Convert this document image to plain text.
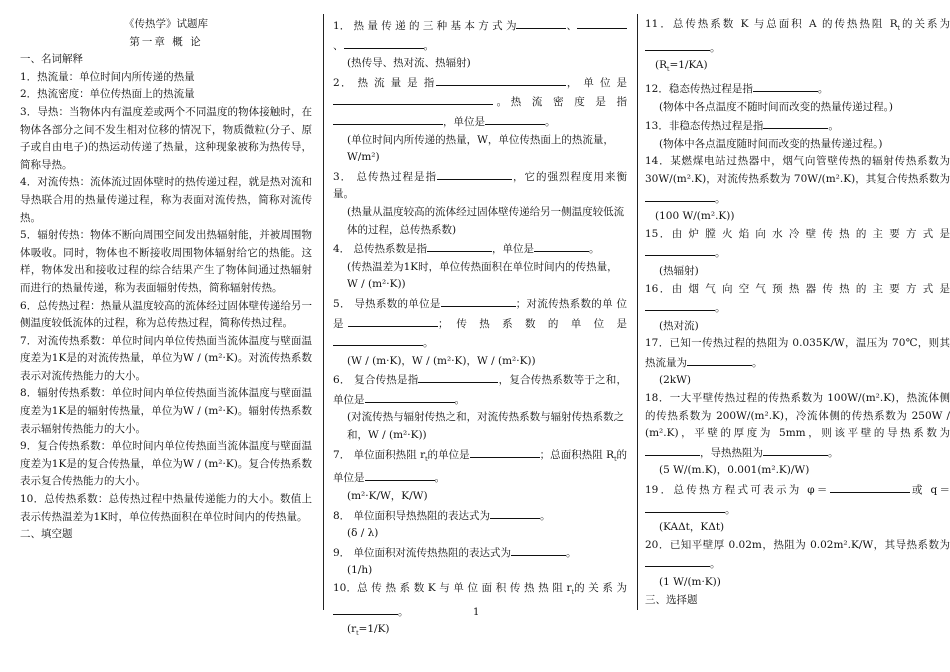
《传热学》试题库
第一章 概 论
一、名词解释
1．热流量：单位时间内所传递的热量
2．热流密度：单位传热面上的热流量
3．导热：当物体内有温度差或两个不同温度的物体接触时，在物体各部分之间不发生相对位移的情况下，物质微粒(分子、原子或自由电子)的热运动传递了热量，这种现象被称为热传导，简称导热。
4．对流传热：流体流过固体壁时的热传递过程，就是热对流和导热联合用的热量传递过程，称为表面对流传热，简称对流传热。
5．辐射传热：物体不断向周围空间发出热辐射能，并被周围物体吸收。同时，物体也不断接收周围物体辐射给它的热能。这样，物体发出和接收过程的综合结果产生了物体间通过热辐射而进行的热量传递，称为表面辐射传热，简称辐射传热。
6．总传热过程：热量从温度较高的流体经过固体壁传递给另一侧温度较低流体的过程，称为总传热过程，简称传热过程。
7．对流传热系数：单位时间内单位传热面当流体温度与壁面温度差为1K是的对流传热量，单位为W / (m²·K)。对流传热系数表示对流传热能力的大小。
8．辐射传热系数：单位时间内单位传热面当流体温度与壁面温度差为1K是的辐射传热量，单位为W / (m²·K)。辐射传热系数表示辐射传热能力的大小。
9．复合传热系数：单位时间内单位传热面当流体温度与壁面温度差为1K是的复合传热量，单位为W / (m²·K)。复合传热系数表示复合传热能力的大小。
10．总传热系数：总传热过程中热量传递能力的大小。数值上表示传热温差为1K时，单位传热面积在单位时间内的传热量。
二、填空题
1． 热 量 传 递 的 三 种 基 本 方 式 为	、、	。
(热传导、热对流、热辐射)
2． 热 流 量 是 指	， 单 位 是。热 流 密 度 是 指，单位是	。
(单位时间内所传递的热量，W，单位传热面上的热流量，W/m²)
3． 总传热过程是指	，它的强烈程度用来衡量。
(热量从温度较高的流体经过固体壁传递给另一侧温度较低流体的过程，总传热系数)
4． 总传热系数是指	，单位是	。
(传热温差为1K时，单位传热面积在单位时间内的传热量，W / (m²·K))
5． 导热系数的单位是	；对流传热系数的单 位 是	； 传 热 系 数 的 单 位 是。
(W / (m·K)，W / (m²·K)，W / (m²·K))
6． 复合传热是指	，复合传热系数等于之和，单位是	。
(对流传热与辐射传热之和，对流传热系数与辐射传热系数之和，W / (m²·K))
7． 单位面积热阻 $r_t$的单位是	；总面积热阻 $R_t$的单位是	。
(m²·K/W，K/W)
8． 单位面积导热热阻的表达式为	。
(δ / λ)
9． 单位面积对流传热热阻的表达式为	。
(1/h)
10．总 传 热 系 数 K 与 单 位 面 积 传 热 热 阻 $r_t$的 关 系 为。
$(r_t=1/K)$
11．总传热系数 K 与总面积 A 的传热热阻 $R_t$的关系为。
$(R_t=1/KA)$
12．稳态传热过程是指	。
(物体中各点温度不随时间而改变的热量传递过程。)
13．非稳态传热过程是指	。
(物体中各点温度随时间而改变的热量传递过程。)
14．某燃煤电站过热器中，烟气向管壁传热的辐射传热系数为 30W/(m².K)，对流传热系数为 70W/(m².K)，其复合传热系数为。
(100 W/(m².K))
15．由 炉 膛 火 焰 向 水 冷 壁 传 热 的 主 要 方 式 是。
(热辐射)
16．由 烟 气 向 空 气 预 热 器 传 热 的 主 要 方 式 是。
(热对流)
17．已知一传热过程的热阻为 0.035K/W，温压为 70℃，则其热流量为	。
(2kW)
18．一大平壁传热过程的传热系数为 100W/(m².K)，热流体侧的传热系数为 200W/(m².K)，冷流体侧的传热系数为 250W / (m².K)，平壁的厚度为 5mm，则该平壁的导热系数为，导热热阻为	。
(5 W/(m.K)，0.001(m².K)/W)
19．总传热方程式可表示为 φ＝	或 q＝。
(KAΔt，KΔt)
20．已知平壁厚 0.02m，热阻为 0.02m².K/W，其导热系数为。
(1 W/(m·K))
三、选择题
1
